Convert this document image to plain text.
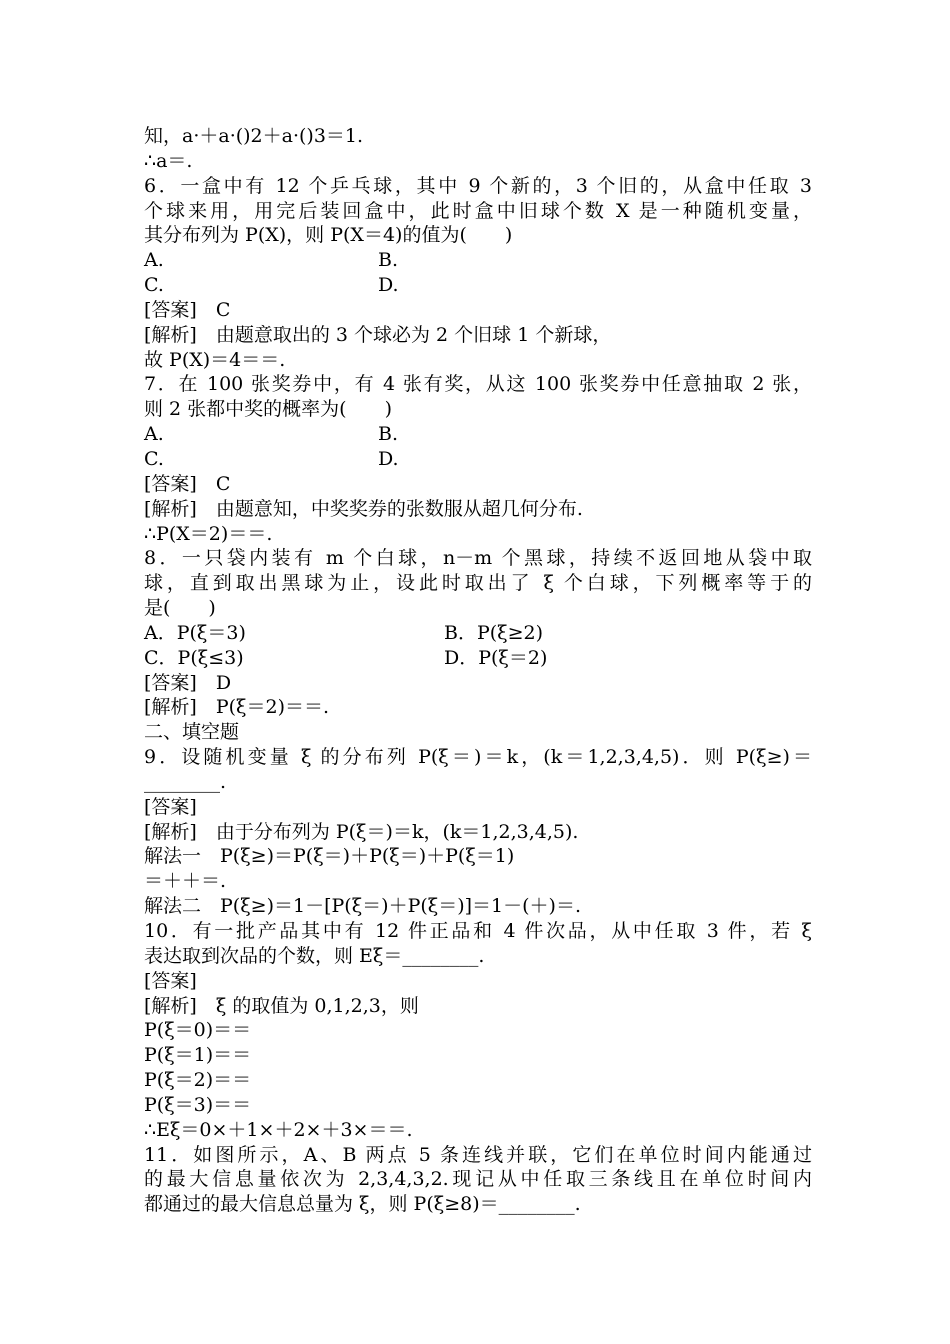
知，a·＋a·()2＋a·()3＝1.
∴a＝.
6．一盒中有 12 个乒乓球，其中 9 个新的，3 个旧的，从盒中任取 3
个球来用，用完后装回盒中，此时盒中旧球个数 X 是一种随机变量，
其分布列为 P(X)，则 P(X＝4)的值为(　　)
A.	B.
C.	D.
[答案]　C
[解析]　由题意取出的 3 个球必为 2 个旧球 1 个新球，
故 P(X)＝4＝＝.
7．在 100 张奖券中，有 4 张有奖，从这 100 张奖券中任意抽取 2 张，
则 2 张都中奖的概率为(　　)
A.	B.
C.	D.
[答案]　C
[解析]　由题意知，中奖奖券的张数服从超几何分布.
∴P(X＝2)＝＝.
8．一只袋内装有 m 个白球，n－m 个黑球，持续不返回地从袋中取
球，直到取出黑球为止，设此时取出了 ξ 个白球，下列概率等于的
是(　　)
A．P(ξ＝3)	B．P(ξ≥2)
C．P(ξ≤3)	D．P(ξ＝2)
[答案]　D
[解析]　P(ξ＝2)＝＝.
二、填空题
9．设随机变量 ξ 的分布列 P(ξ＝)＝k，(k＝1,2,3,4,5)．则 P(ξ≥)＝
________.
[答案]
[解析]　由于分布列为 P(ξ＝)＝k，(k＝1,2,3,4,5).
解法一　P(ξ≥)＝P(ξ＝)＋P(ξ＝)＋P(ξ＝1)
＝＋＋＝.
解法二　P(ξ≥)＝1－[P(ξ＝)＋P(ξ＝)]＝1－(＋)＝.
10．有一批产品其中有 12 件正品和 4 件次品，从中任取 3 件，若 ξ
表达取到次品的个数，则 Eξ＝________.
[答案]
[解析]　ξ 的取值为 0,1,2,3，则
P(ξ＝0)＝＝
P(ξ＝1)＝＝
P(ξ＝2)＝＝
P(ξ＝3)＝＝
∴Eξ＝0×＋1×＋2×＋3×＝＝.
11．如图所示，A、B 两点 5 条连线并联，它们在单位时间内能通过
的最大信息量依次为 2,3,4,3,2.现记从中任取三条线且在单位时间内
都通过的最大信息总量为 ξ，则 P(ξ≥8)＝________.
